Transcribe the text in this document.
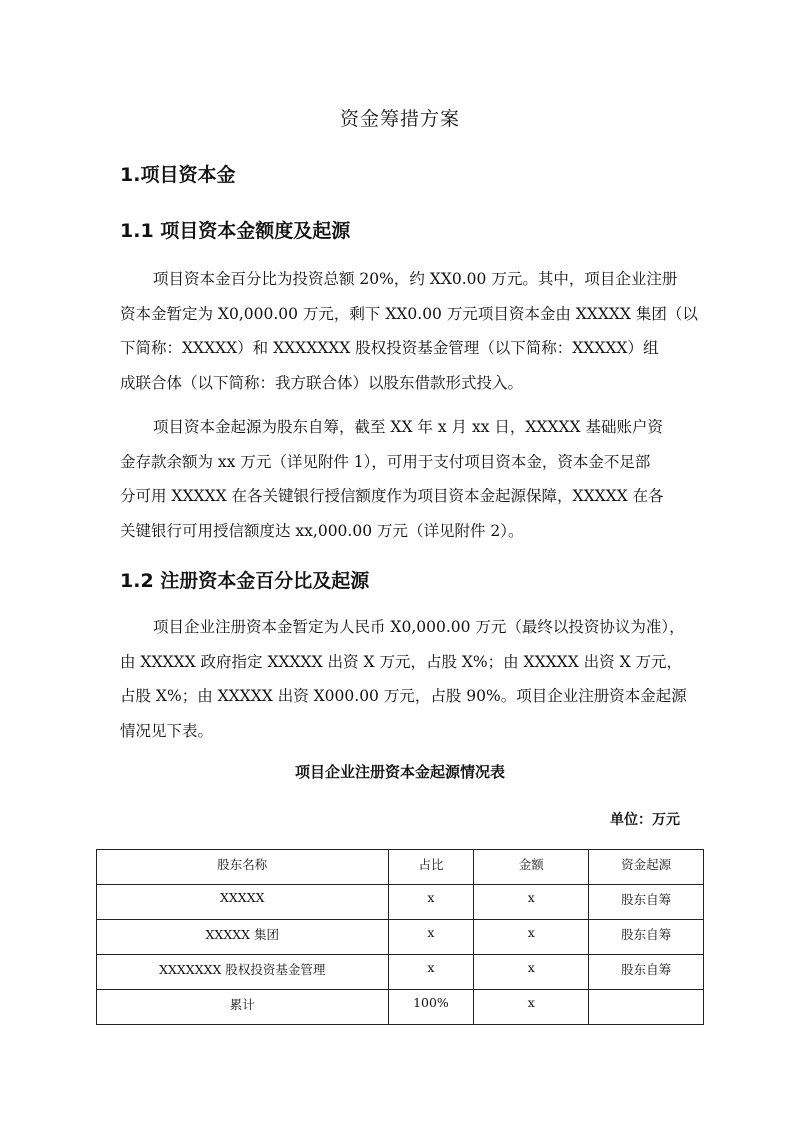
资金筹措方案
1.项目资本金
1.1 项目资本金额度及起源

项目资本金百分比为投资总额 20%，约 XX0.00 万元。其中，项目企业注册
资本金暂定为 X0,000.00 万元，剩下 XX0.00 万元项目资本金由 XXXXX 集团（以
下简称：XXXXX）和 XXXXXXX 股权投资基金管理（以下简称：XXXXX）组
成联合体（以下简称：我方联合体）以股东借款形式投入。

项目资本金起源为股东自筹，截至 XX 年 x 月 xx 日，XXXXX 基础账户资
金存款余额为 xx 万元（详见附件 1），可用于支付项目资本金，资本金不足部
分可用 XXXXX 在各关键银行授信额度作为项目资本金起源保障，XXXXX 在各
关键银行可用授信额度达 xx,000.00 万元（详见附件 2）。

1.2 注册资本金百分比及起源

项目企业注册资本金暂定为人民币 X0,000.00 万元（最终以投资协议为准），
由 XXXXX 政府指定 XXXXX 出资 X 万元，占股 X%；由 XXXXX 出资 X 万元，
占股 X%；由 XXXXX 出资 X000.00 万元，占股 90%。项目企业注册资本金起源
情况见下表。

项目企业注册资本金起源情况表
单位：万元
股东名称	占比	金额	资金起源
XXXXX	x	x	股东自筹
XXXXX 集团	x	x	股东自筹
XXXXXXX 股权投资基金管理	x	x	股东自筹
累计	100%	x	
